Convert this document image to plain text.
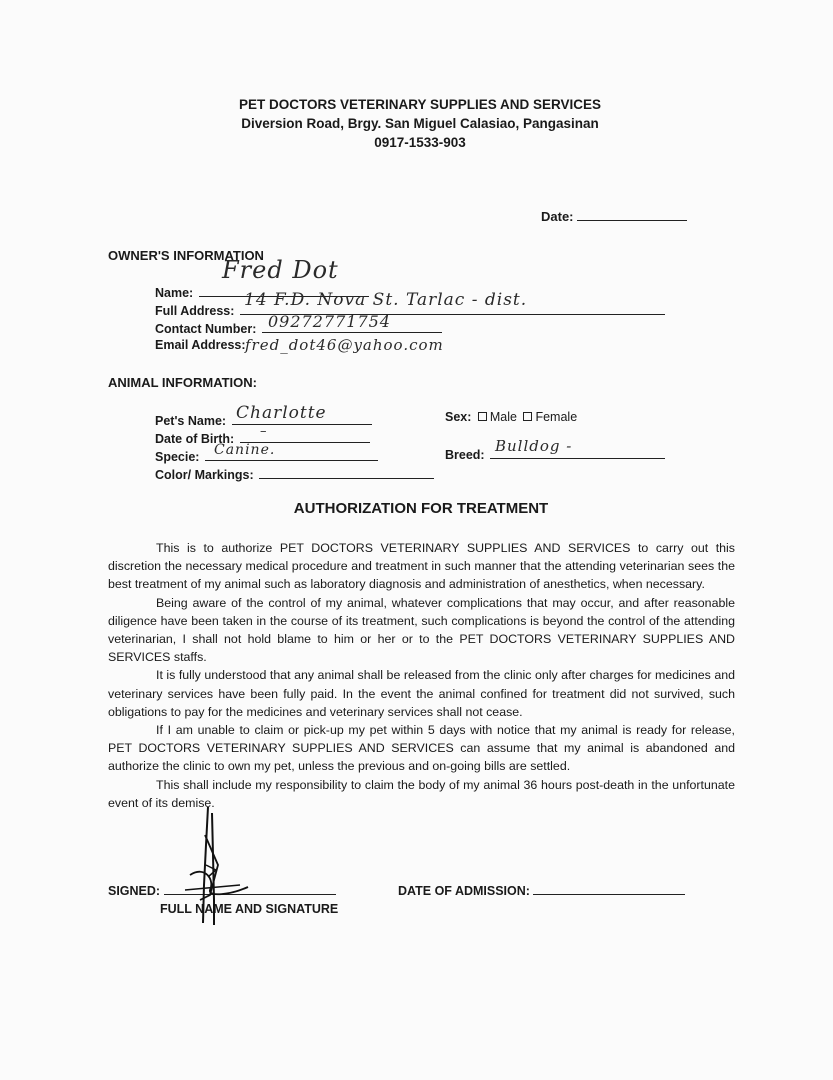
PET DOCTORS VETERINARY SUPPLIES AND SERVICES
Diversion Road, Brgy. San Miguel Calasiao, Pangasinan
0917-1533-903
Date:
OWNER'S INFORMATION
Name:
Fred Dot
Full Address:
14 F.D. Nova St. Tarlac - dist.
Contact Number: 09272771754
Email Address: fred_dot46@yahoo.com
ANIMAL INFORMATION:
Pet's Name: Charlotte
Date of Birth:	–
Specie:	Canine.
Color/ Markings:
Sex: Male Female
Breed: Bulldog -
AUTHORIZATION FOR TREATMENT

This is to authorize PET DOCTORS VETERINARY SUPPLIES AND SERVICES to carry out this discretion the necessary medical procedure and treatment in such manner that the attending veterinarian sees the best treatment of my animal such as laboratory diagnosis and administration of anesthetics, when necessary.

Being aware of the control of my animal, whatever complications that may occur, and after reasonable diligence have been taken in the course of its treatment, such complications is beyond the control of the attending veterinarian, I shall not hold blame to him or her or to the PET DOCTORS VETERINARY SUPPLIES AND SERVICES staffs.

It is fully understood that any animal shall be released from the clinic only after charges for medicines and veterinary services have been fully paid. In the event the animal confined for treatment did not survived, such obligations to pay for the medicines and veterinary services shall not cease.

If I am unable to claim or pick-up my pet within 5 days with notice that my animal is ready for release, PET DOCTORS VETERINARY SUPPLIES AND SERVICES can assume that my animal is abandoned and authorize the clinic to own my pet, unless the previous and on-going bills are settled.

This shall include my responsibility to claim the body of my animal 36 hours post-death in the unfortunate event of its demise.

SIGNED:
FULL NAME AND SIGNATURE
DATE OF ADMISSION:
